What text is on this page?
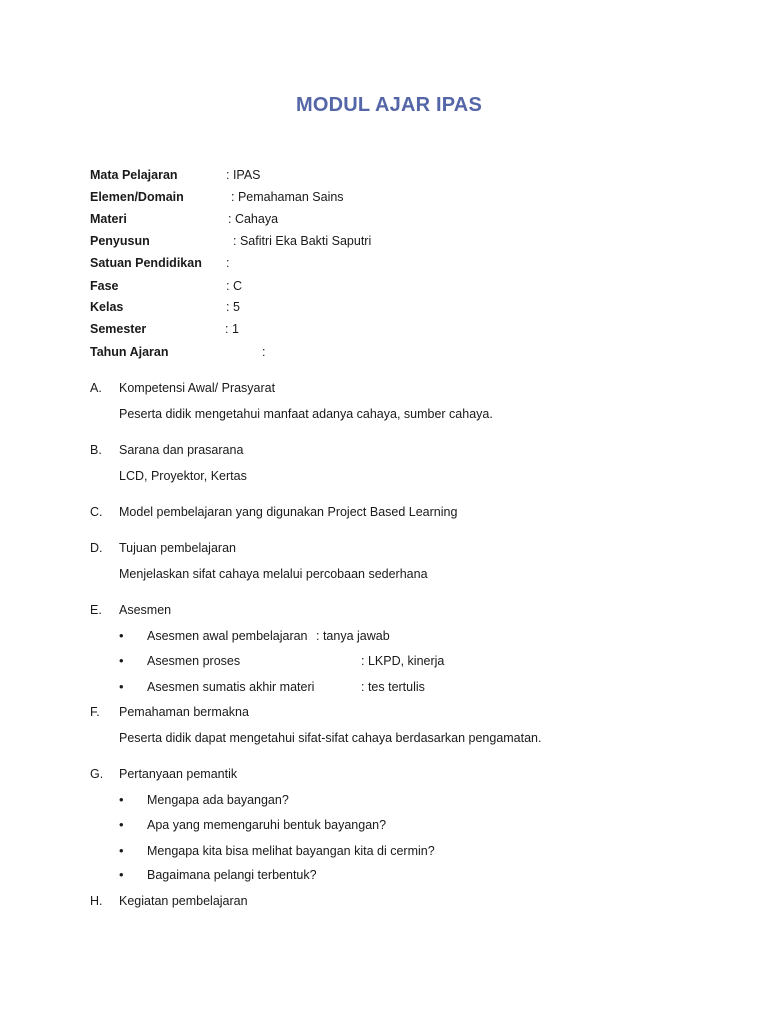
MODUL AJAR IPAS
Mata Pelajaran	: IPAS
Elemen/Domain	: Pemahaman Sains
Materi	: Cahaya
Penyusun	: Safitri Eka Bakti Saputri
Satuan Pendidikan :
Fase	: C
Kelas	: 5
Semester	: 1
Tahun Ajaran	:
A. Kompetensi Awal/ Prasyarat
Peserta didik mengetahui manfaat adanya cahaya, sumber cahaya.
B. Sarana dan prasarana
LCD, Proyektor, Kertas
C. Model pembelajaran yang digunakan Project Based Learning
D. Tujuan pembelajaran
Menjelaskan sifat cahaya melalui percobaan sederhana
E. Asesmen
• Asesmen awal pembelajaran : tanya jawab
• Asesmen proses	: LKPD, kinerja
• Asesmen sumatis akhir materi	: tes tertulis
F. Pemahaman bermakna
Peserta didik dapat mengetahui sifat-sifat cahaya berdasarkan pengamatan.
G. Pertanyaan pemantik
• Mengapa ada bayangan?
• Apa yang memengaruhi bentuk bayangan?
• Mengapa kita bisa melihat bayangan kita di cermin?
• Bagaimana pelangi terbentuk?
H. Kegiatan pembelajaran
